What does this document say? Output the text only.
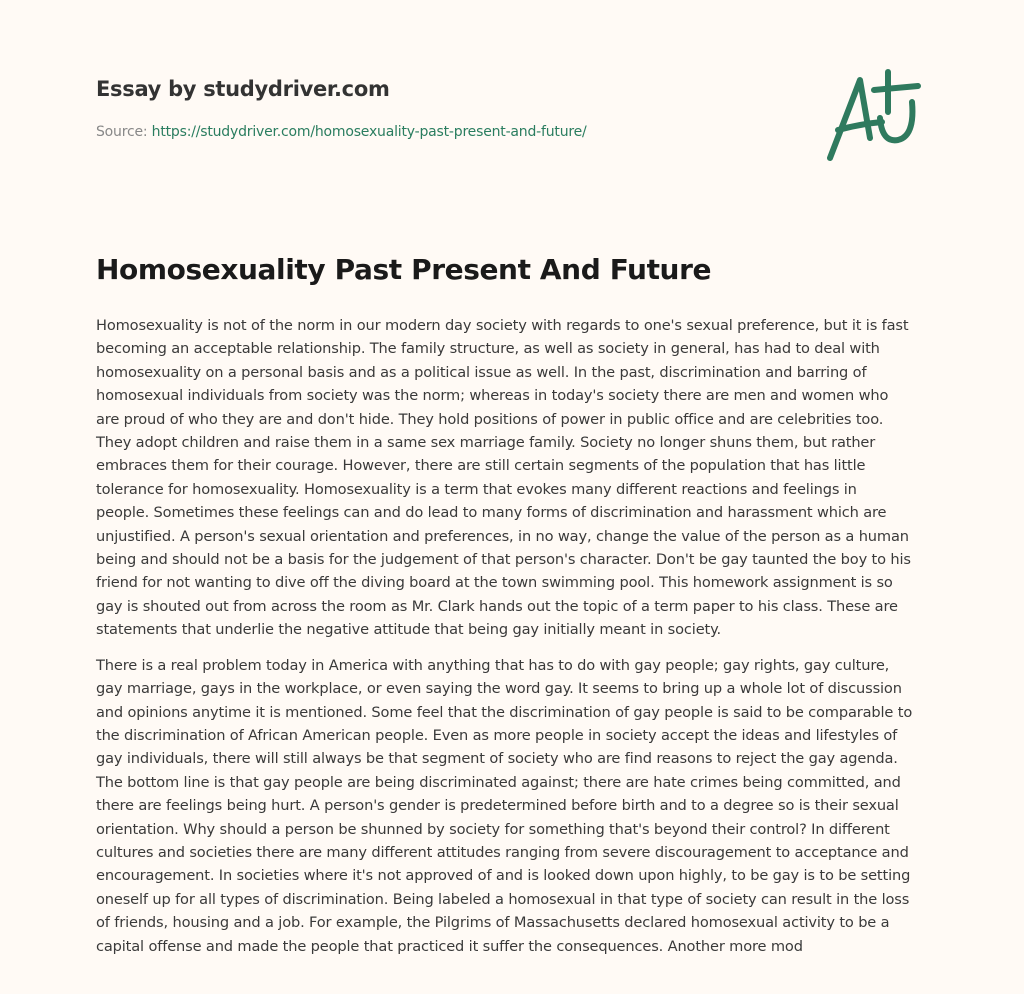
Essay by studydriver.com
Source: https://studydriver.com/homosexuality-past-present-and-future/
Homosexuality Past Present And Future

Homosexuality is not of the norm in our modern day society with regards to one's sexual preference, but it is fast
becoming an acceptable relationship. The family structure, as well as society in general, has had to deal with
homosexuality on a personal basis and as a political issue as well. In the past, discrimination and barring of
homosexual individuals from society was the norm; whereas in today's society there are men and women who
are proud of who they are and don't hide. They hold positions of power in public office and are celebrities too.
They adopt children and raise them in a same sex marriage family. Society no longer shuns them, but rather
embraces them for their courage. However, there are still certain segments of the population that has little
tolerance for homosexuality. Homosexuality is a term that evokes many different reactions and feelings in
people. Sometimes these feelings can and do lead to many forms of discrimination and harassment which are
unjustified. A person's sexual orientation and preferences, in no way, change the value of the person as a human
being and should not be a basis for the judgement of that person's character. Don't be gay taunted the boy to his
friend for not wanting to dive off the diving board at the town swimming pool. This homework assignment is so
gay is shouted out from across the room as Mr. Clark hands out the topic of a term paper to his class. These are
statements that underlie the negative attitude that being gay initially meant in society.

There is a real problem today in America with anything that has to do with gay people; gay rights, gay culture,
gay marriage, gays in the workplace, or even saying the word gay. It seems to bring up a whole lot of discussion
and opinions anytime it is mentioned. Some feel that the discrimination of gay people is said to be comparable to
the discrimination of African American people. Even as more people in society accept the ideas and lifestyles of
gay individuals, there will still always be that segment of society who are find reasons to reject the gay agenda.
The bottom line is that gay people are being discriminated against; there are hate crimes being committed, and
there are feelings being hurt. A person's gender is predetermined before birth and to a degree so is their sexual
orientation. Why should a person be shunned by society for something that's beyond their control? In different
cultures and societies there are many different attitudes ranging from severe discouragement to acceptance and
encouragement. In societies where it's not approved of and is looked down upon highly, to be gay is to be setting
oneself up for all types of discrimination. Being labeled a homosexual in that type of society can result in the loss
of friends, housing and a job. For example, the Pilgrims of Massachusetts declared homosexual activity to be a
capital offense and made the people that practiced it suffer the consequences. Another more mod
